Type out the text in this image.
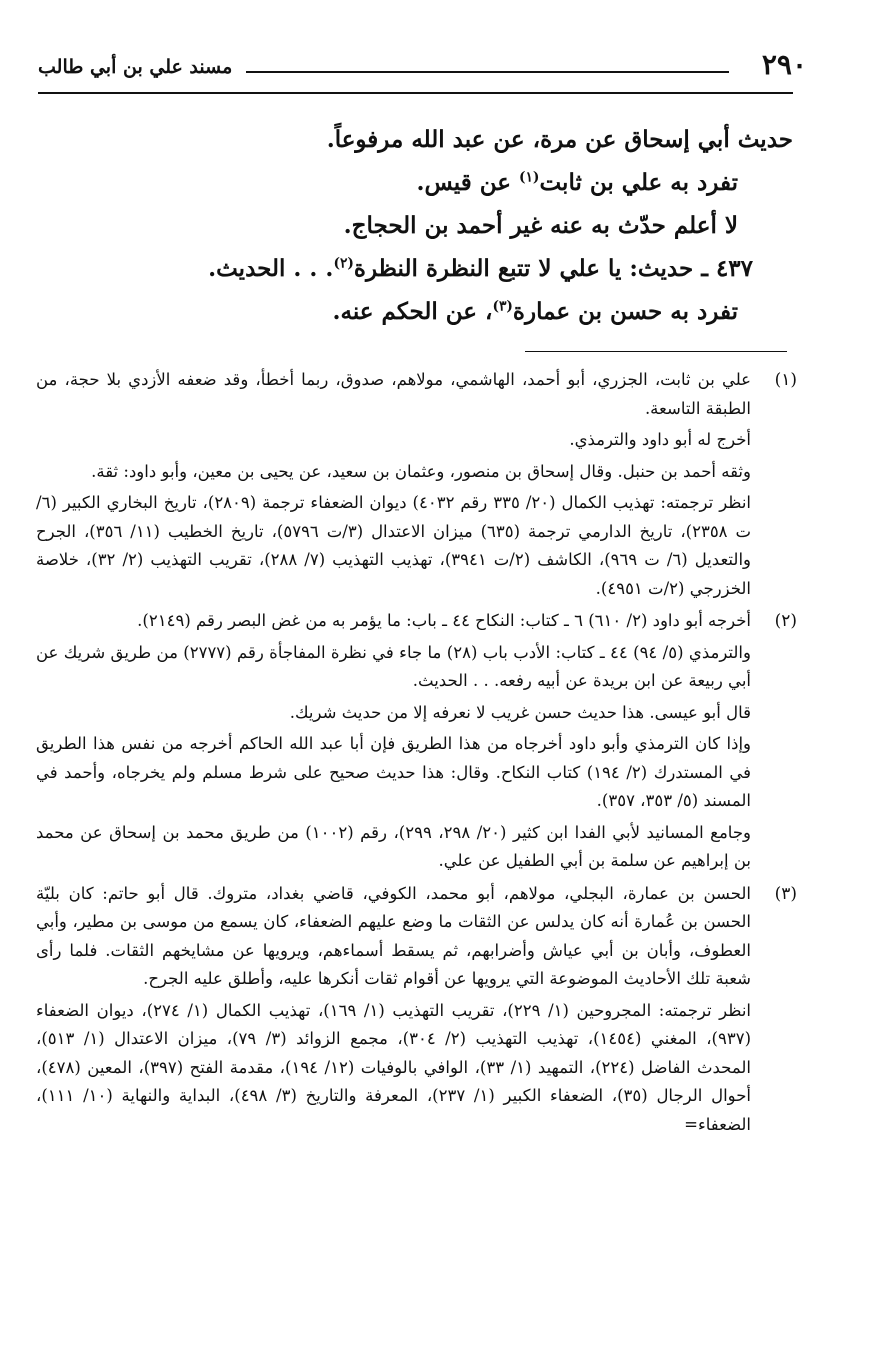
٢٩٠
مسند علي بن أبي طالب

حديث أبي إسحاق عن مرة، عن عبد الله مرفوعاً.

تفرد به علي بن ثابت$^{(١)}$ عن قيس.

لا أعلم حدّث به عنه غير أحمد بن الحجاج.

٤٣٧ ـ حديث: يا علي لا تتبع النظرة النظرة$^{(٢)}$. . . الحديث.

تفرد به حسن بن عمارة$^{(٣)}$، عن الحكم عنه.

(١)

علي بن ثابت، الجزري، أبو أحمد، الهاشمي، مولاهم، صدوق، ربما أخطأ، وقد ضعفه الأزدي بلا حجة، من الطبقة التاسعة.

أخرج له أبو داود والترمذي.

وثقه أحمد بن حنبل. وقال إسحاق بن منصور، وعثمان بن سعيد، عن يحيى بن معين، وأبو داود: ثقة.

انظر ترجمته: تهذيب الكمال (٢٠/ ٣٣٥ رقم ٤٠٣٢) ديوان الضعفاء ترجمة (٢٨٠٩)، تاريخ البخاري الكبير (٦/ت ٢٣٥٨)، تاريخ الدارمي ترجمة (٦٣٥) ميزان الاعتدال (٣/ت ٥٧٩٦)، تاريخ الخطيب (١١/ ٣٥٦)، الجرح والتعديل (٦/ ت ٩٦٩)، الكاشف (٢/ت ٣٩٤١)، تهذيب التهذيب (٧/ ٢٨٨)، تقريب التهذيب (٢/ ٣٢)، خلاصة الخزرجي (٢/ت ٤٩٥١).

(٢)

أخرجه أبو داود (٢/ ٦١٠) ٦ ـ كتاب: النكاح ٤٤ ـ باب: ما يؤمر به من غض البصر رقم (٢١٤٩).

والترمذي (٥/ ٩٤) ٤٤ ـ كتاب: الأدب باب (٢٨) ما جاء في نظرة المفاجأة رقم (٢٧٧٧) من طريق شريك عن أبي ربيعة عن ابن بريدة عن أبيه رفعه. . . الحديث.

قال أبو عيسى. هذا حديث حسن غريب لا نعرفه إلا من حديث شريك.

وإذا كان الترمذي وأبو داود أخرجاه من هذا الطريق فإن أبا عبد الله الحاكم أخرجه من نفس هذا الطريق في المستدرك (٢/ ١٩٤) كتاب النكاح. وقال: هذا حديث صحيح على شرط مسلم ولم يخرجاه، وأحمد في المسند (٥/ ٣٥٣، ٣٥٧).

وجامع المسانيد لأبي الفدا ابن كثير (٢٠/ ٢٩٨، ٢٩٩)، رقم (١٠٠٢) من طريق محمد بن إسحاق عن محمد بن إبراهيم عن سلمة بن أبي الطفيل عن علي.

(٣)

الحسن بن عمارة، البجلي، مولاهم، أبو محمد، الكوفي، قاضي بغداد، متروك. قال أبو حاتم: كان بليّة الحسن بن عُمارة أنه كان يدلس عن الثقات ما وضع عليهم الضعفاء، كان يسمع من موسى بن مطير، وأبي العطوف، وأبان بن أبي عياش وأضرابهم، ثم يسقط أسماءهم، ويرويها عن مشايخهم الثقات. فلما رأى شعبة تلك الأحاديث الموضوعة التي يرويها عن أقوام ثقات أنكرها عليه، وأطلق عليه الجرح.

انظر ترجمته: المجروحين (١/ ٢٢٩)، تقريب التهذيب (١/ ١٦٩)، تهذيب الكمال (١/ ٢٧٤)، ديوان الضعفاء (٩٣٧)، المغني (١٤٥٤)، تهذيب التهذيب (٢/ ٣٠٤)، مجمع الزوائد (٣/ ٧٩)، ميزان الاعتدال (١/ ٥١٣)، المحدث الفاضل (٢٢٤)، التمهيد (١/ ٣٣)، الوافي بالوفيات (١٢/ ١٩٤)، مقدمة الفتح (٣٩٧)، المعين (٤٧٨)، أحوال الرجال (٣٥)، الضعفاء الكبير (١/ ٢٣٧)، المعرفة والتاريخ (٣/ ٤٩٨)، البداية والنهاية (١٠/ ١١١)، الضعفاء=
